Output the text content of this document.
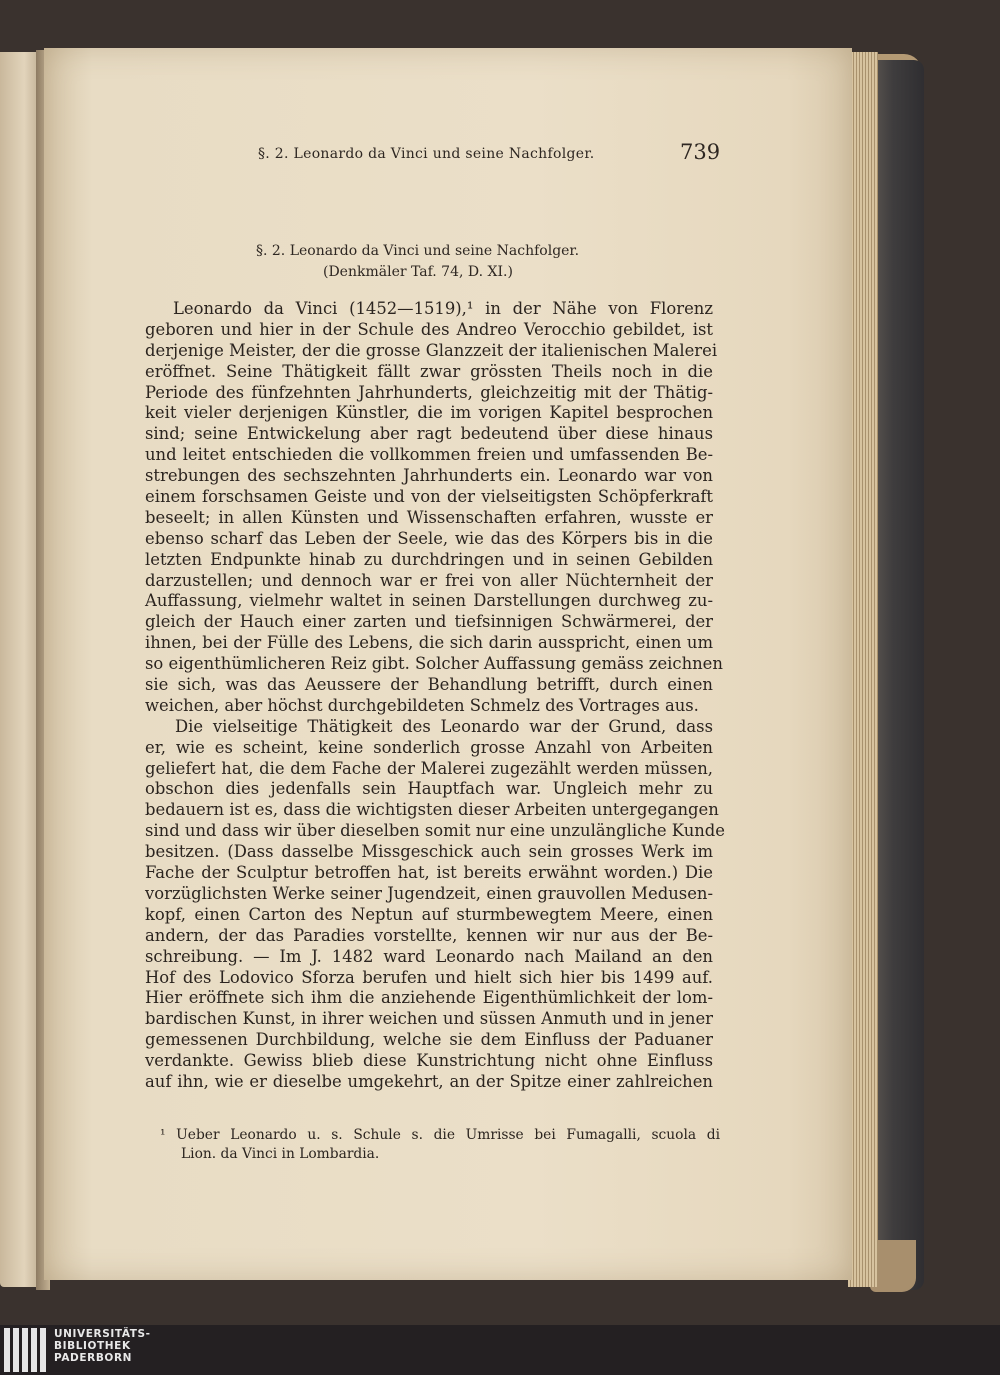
§. 2. Leonardo da Vinci und seine Nachfolger.	739
§. 2. Leonardo da Vinci und seine Nachfolger.
(Denkmäler Taf. 74, D. XI.)
Leonardo da Vinci (1452—1519),¹ in der Nähe von Florenz
geboren und hier in der Schule des Andreo Verocchio gebildet, ist
derjenige Meister, der die grosse Glanzzeit der italienischen Malerei
eröffnet. Seine Thätigkeit fällt zwar grössten Theils noch in die
Periode des fünfzehnten Jahrhunderts, gleichzeitig mit der Thätig-
keit vieler derjenigen Künstler, die im vorigen Kapitel besprochen
sind; seine Entwickelung aber ragt bedeutend über diese hinaus
und leitet entschieden die vollkommen freien und umfassenden Be-
strebungen des sechszehnten Jahrhunderts ein. Leonardo war von
einem forschsamen Geiste und von der vielseitigsten Schöpferkraft
beseelt; in allen Künsten und Wissenschaften erfahren, wusste er
ebenso scharf das Leben der Seele, wie das des Körpers bis in die
letzten Endpunkte hinab zu durchdringen und in seinen Gebilden
darzustellen; und dennoch war er frei von aller Nüchternheit der
Auffassung, vielmehr waltet in seinen Darstellungen durchweg zu-
gleich der Hauch einer zarten und tiefsinnigen Schwärmerei, der
ihnen, bei der Fülle des Lebens, die sich darin ausspricht, einen um
so eigenthümlicheren Reiz gibt. Solcher Auffassung gemäss zeichnen
sie sich, was das Aeussere der Behandlung betrifft, durch einen
weichen, aber höchst durchgebildeten Schmelz des Vortrages aus.
Die vielseitige Thätigkeit des Leonardo war der Grund, dass
er, wie es scheint, keine sonderlich grosse Anzahl von Arbeiten
geliefert hat, die dem Fache der Malerei zugezählt werden müssen,
obschon dies jedenfalls sein Hauptfach war. Ungleich mehr zu
bedauern ist es, dass die wichtigsten dieser Arbeiten untergegangen
sind und dass wir über dieselben somit nur eine unzulängliche Kunde
besitzen. (Dass dasselbe Missgeschick auch sein grosses Werk im
Fache der Sculptur betroffen hat, ist bereits erwähnt worden.) Die
vorzüglichsten Werke seiner Jugendzeit, einen grauvollen Medusen-
kopf, einen Carton des Neptun auf sturmbewegtem Meere, einen
andern, der das Paradies vorstellte, kennen wir nur aus der Be-
schreibung. — Im J. 1482 ward Leonardo nach Mailand an den
Hof des Lodovico Sforza berufen und hielt sich hier bis 1499 auf.
Hier eröffnete sich ihm die anziehende Eigenthümlichkeit der lom-
bardischen Kunst, in ihrer weichen und süssen Anmuth und in jener
gemessenen Durchbildung, welche sie dem Einfluss der Paduaner
verdankte. Gewiss blieb diese Kunstrichtung nicht ohne Einfluss
auf ihn, wie er dieselbe umgekehrt, an der Spitze einer zahlreichen
¹ Ueber Leonardo u. s. Schule s. die Umrisse bei Fumagalli, scuola di
Lion. da Vinci in Lombardia.
UNIVERSITÄTS-
BIBLIOTHEK
PADERBORN
